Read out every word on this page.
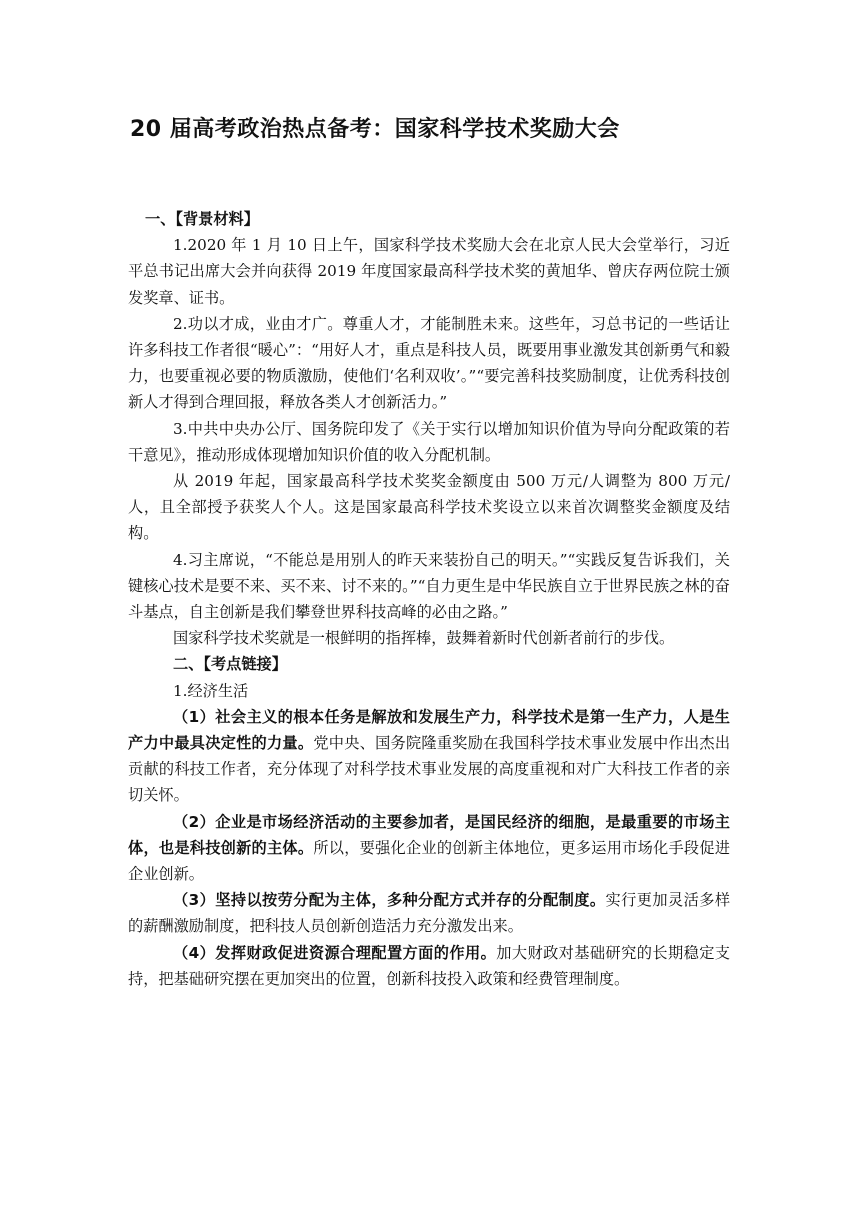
20 届高考政治热点备考：国家科学技术奖励大会

一、【背景材料】

1.2020 年 1 月 10 日上午，国家科学技术奖励大会在北京人民大会堂举行，习近平总书记出席大会并向获得 2019 年度国家最高科学技术奖的黄旭华、曾庆存两位院士颁发奖章、证书。

2.功以才成，业由才广。尊重人才，才能制胜未来。这些年，习总书记的一些话让许多科技工作者很“暖心”：“用好人才，重点是科技人员，既要用事业激发其创新勇气和毅力，也要重视必要的物质激励，使他们‘名利双收’。”“要完善科技奖励制度，让优秀科技创新人才得到合理回报，释放各类人才创新活力。”

3.中共中央办公厅、国务院印发了《关于实行以增加知识价值为导向分配政策的若干意见》，推动形成体现增加知识价值的收入分配机制。

从 2019 年起，国家最高科学技术奖奖金额度由 500 万元/人调整为 800 万元/人，且全部授予获奖人个人。这是国家最高科学技术奖设立以来首次调整奖金额度及结构。

4.习主席说，“不能总是用别人的昨天来装扮自己的明天。”“实践反复告诉我们，关键核心技术是要不来、买不来、讨不来的。”“自力更生是中华民族自立于世界民族之林的奋斗基点，自主创新是我们攀登世界科技高峰的必由之路。”

国家科学技术奖就是一根鲜明的指挥棒，鼓舞着新时代创新者前行的步伐。

二、【考点链接】

1.经济生活

（1）社会主义的根本任务是解放和发展生产力，科学技术是第一生产力，人是生产力中最具决定性的力量。党中央、国务院隆重奖励在我国科学技术事业发展中作出杰出贡献的科技工作者，充分体现了对科学技术事业发展的高度重视和对广大科技工作者的亲切关怀。

（2）企业是市场经济活动的主要参加者，是国民经济的细胞，是最重要的市场主体，也是科技创新的主体。所以，要强化企业的创新主体地位，更多运用市场化手段促进企业创新。

（3）坚持以按劳分配为主体，多种分配方式并存的分配制度。实行更加灵活多样的薪酬激励制度，把科技人员创新创造活力充分激发出来。

（4）发挥财政促进资源合理配置方面的作用。加大财政对基础研究的长期稳定支持，把基础研究摆在更加突出的位置，创新科技投入政策和经费管理制度。
